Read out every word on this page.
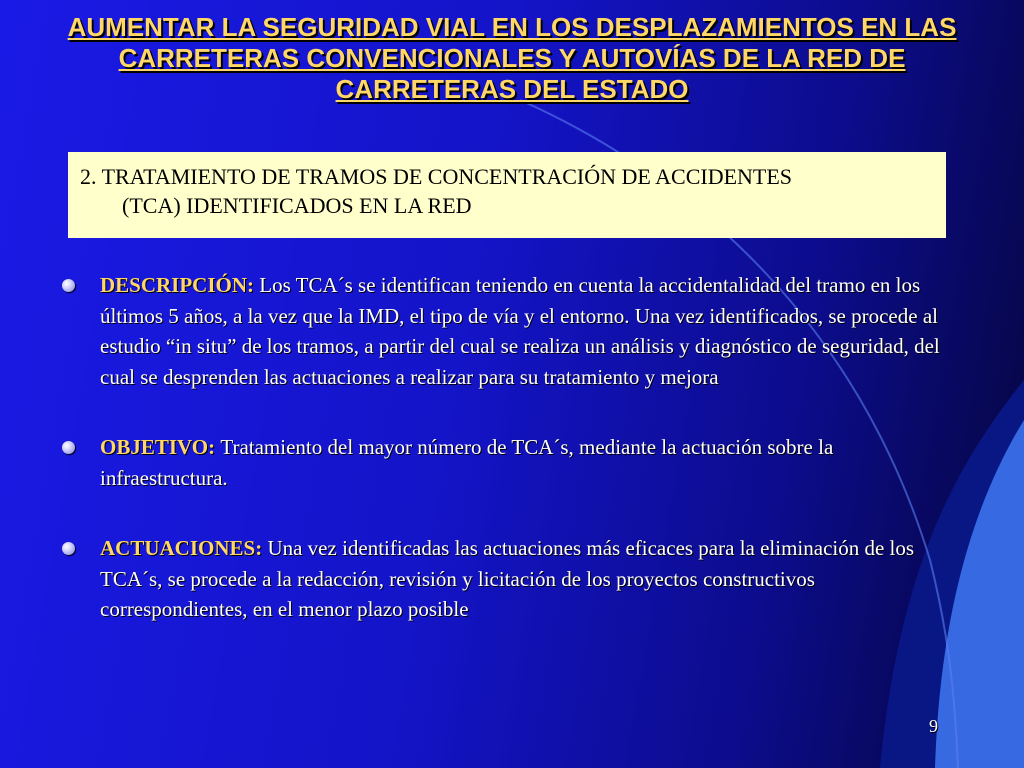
AUMENTAR LA SEGURIDAD VIAL EN LOS DESPLAZAMIENTOS EN LAS CARRETERAS CONVENCIONALES Y AUTOVÍAS DE LA RED DE CARRETERAS DEL ESTADO
2. TRATAMIENTO DE TRAMOS DE CONCENTRACIÓN DE ACCIDENTES
(TCA) IDENTIFICADOS EN LA RED
DESCRIPCIÓN: Los TCA´s se identifican teniendo en cuenta la accidentalidad del tramo en los últimos 5 años, a la vez que la IMD, el tipo de vía y el entorno. Una vez identificados, se procede al estudio “in situ” de los tramos, a partir del cual se realiza un análisis y diagnóstico de seguridad, del cual se desprenden las actuaciones a realizar para su tratamiento y mejora
OBJETIVO: Tratamiento del mayor número de TCA´s, mediante la actuación sobre la infraestructura.
ACTUACIONES: Una vez identificadas las actuaciones más eficaces para la eliminación de los TCA´s, se procede a la redacción, revisión y licitación de los proyectos constructivos correspondientes, en el menor plazo posible
9
